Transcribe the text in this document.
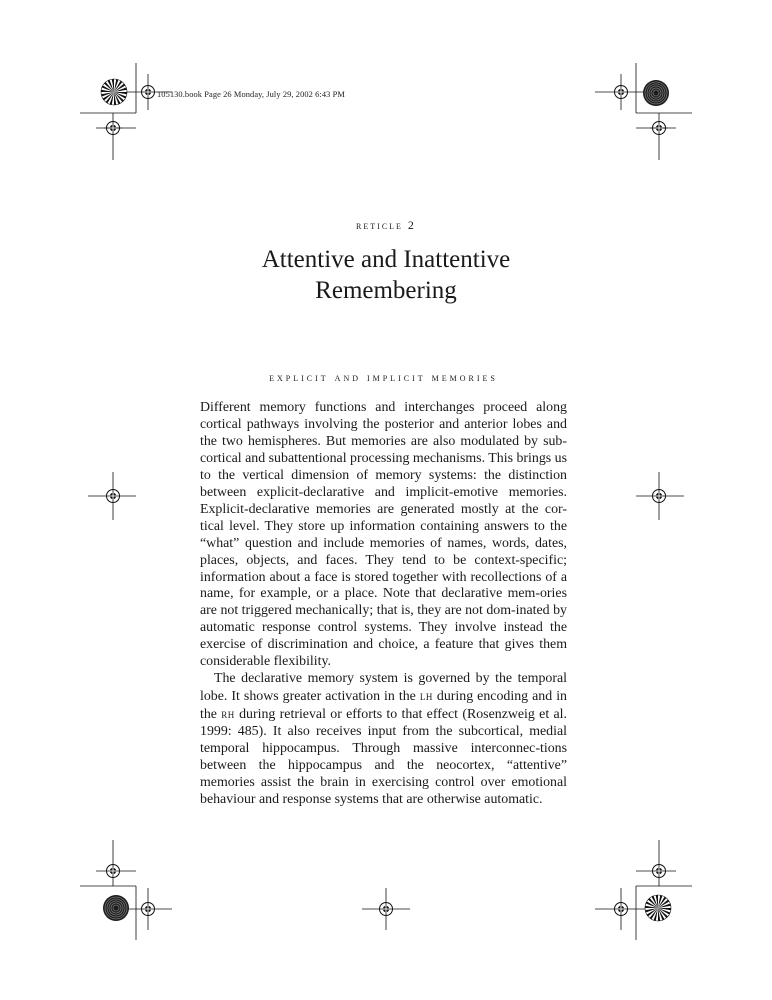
105130.book Page 26 Monday, July 29, 2002 6:43 PM
reticle 2
Attentive and Inattentive
Remembering
explicit and implicit memories

Different memory functions and interchanges proceed along cortical pathways involving the posterior and anterior lobes and the two hemispheres. But memories are also modulated by sub-cortical and subattentional processing mechanisms. This brings us to the vertical dimension of memory systems: the distinction between explicit-declarative and implicit-emotive memories. Explicit-declarative memories are generated mostly at the cor-tical level. They store up information containing answers to the “what” question and include memories of names, words, dates, places, objects, and faces. They tend to be context-specific; information about a face is stored together with recollections of a name, for example, or a place. Note that declarative mem-ories are not triggered mechanically; that is, they are not dom-inated by automatic response control systems. They involve instead the exercise of discrimination and choice, a feature that gives them considerable flexibility.

The declarative memory system is governed by the temporal lobe. It shows greater activation in the lh during encoding and in the rh during retrieval or efforts to that effect (Rosenzweig et al. 1999: 485). It also receives input from the subcortical, medial temporal hippocampus. Through massive interconnec-tions between the hippocampus and the neocortex, “attentive” memories assist the brain in exercising control over emotional behaviour and response systems that are otherwise automatic.
